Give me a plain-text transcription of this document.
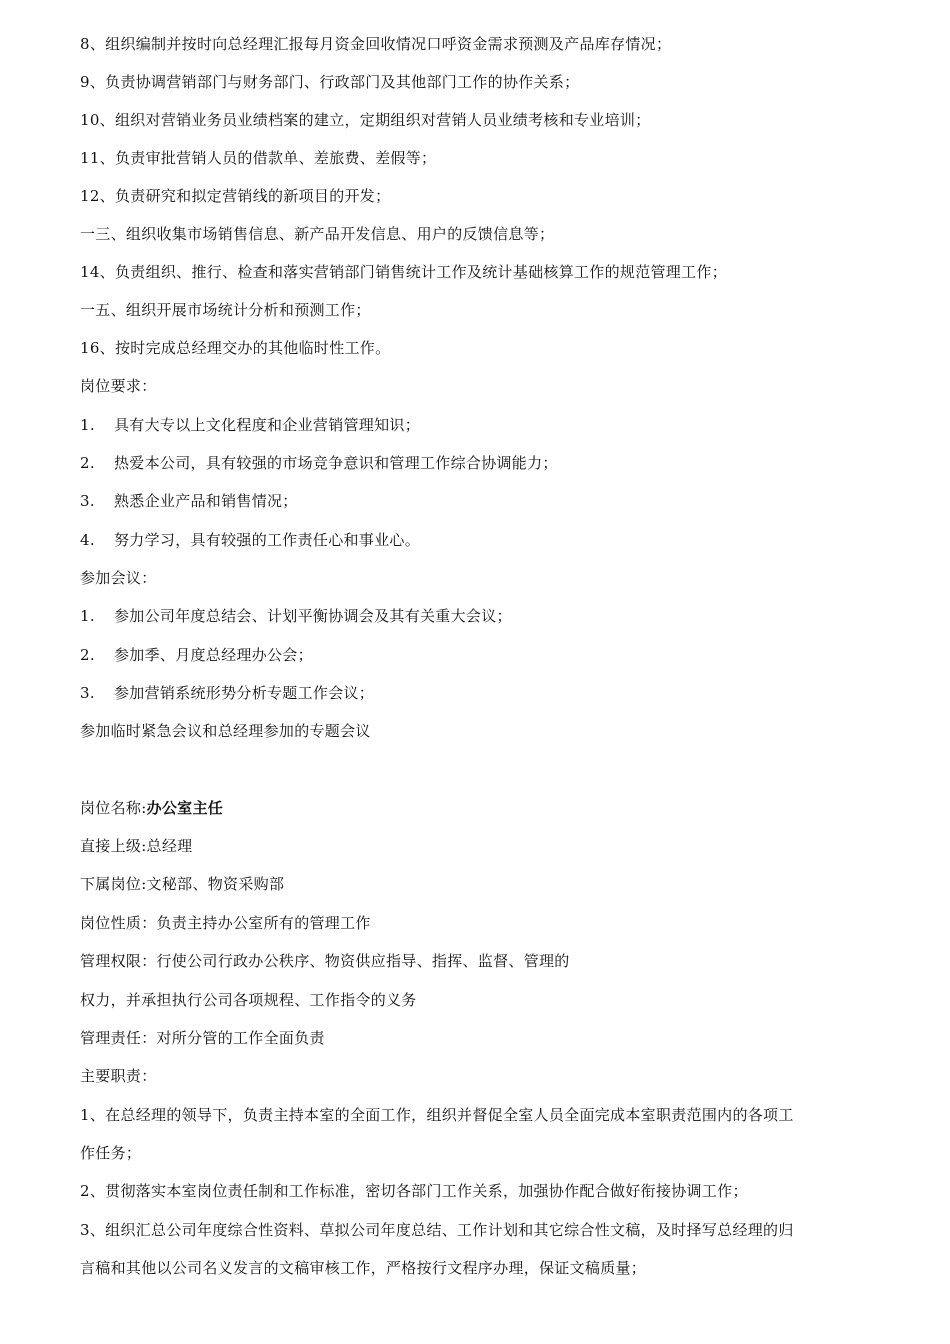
8、组织编制并按时向总经理汇报每月资金回收情况口呼资金需求预测及产品库存情况；
9、负责协调营销部门与财务部门、行政部门及其他部门工作的协作关系；
10、组织对营销业务员业绩档案的建立，定期组织对营销人员业绩考核和专业培训；
11、负责审批营销人员的借款单、差旅费、差假等；
12、负责研究和拟定营销线的新项目的开发；
一三、组织收集市场销售信息、新产品开发信息、用户的反馈信息等；
14、负责组织、推行、检查和落实营销部门销售统计工作及统计基础核算工作的规范管理工作；
一五、组织开展市场统计分析和预测工作；
16、按时完成总经理交办的其他临时性工作。
岗位要求：
1. 具有大专以上文化程度和企业营销管理知识；
2. 热爱本公司，具有较强的市场竞争意识和管理工作综合协调能力；
3. 熟悉企业产品和销售情况；
4. 努力学习，具有较强的工作责任心和事业心。
参加会议：
1. 参加公司年度总结会、计划平衡协调会及其有关重大会议；
2. 参加季、月度总经理办公会；
3. 参加营销系统形势分析专题工作会议；
参加临时紧急会议和总经理参加的专题会议
岗位名称:办公室主任
直接上级:总经理
下属岗位:文秘部、物资采购部
岗位性质：负责主持办公室所有的管理工作
管理权限：行使公司行政办公秩序、物资供应指导、指挥、监督、管理的
权力，并承担执行公司各项规程、工作指令的义务
管理责任：对所分管的工作全面负责
主要职责：
1、在总经理的领导下，负责主持本室的全面工作，组织并督促全室人员全面完成本室职责范围内的各项工
作任务；
2、贯彻落实本室岗位责任制和工作标准，密切各部门工作关系，加强协作配合做好衔接协调工作；
3、组织汇总公司年度综合性资料、草拟公司年度总结、工作计划和其它综合性文稿，及时择写总经理的归
言稿和其他以公司名义发言的文稿审核工作，严格按行文程序办理，保证文稿质量；
